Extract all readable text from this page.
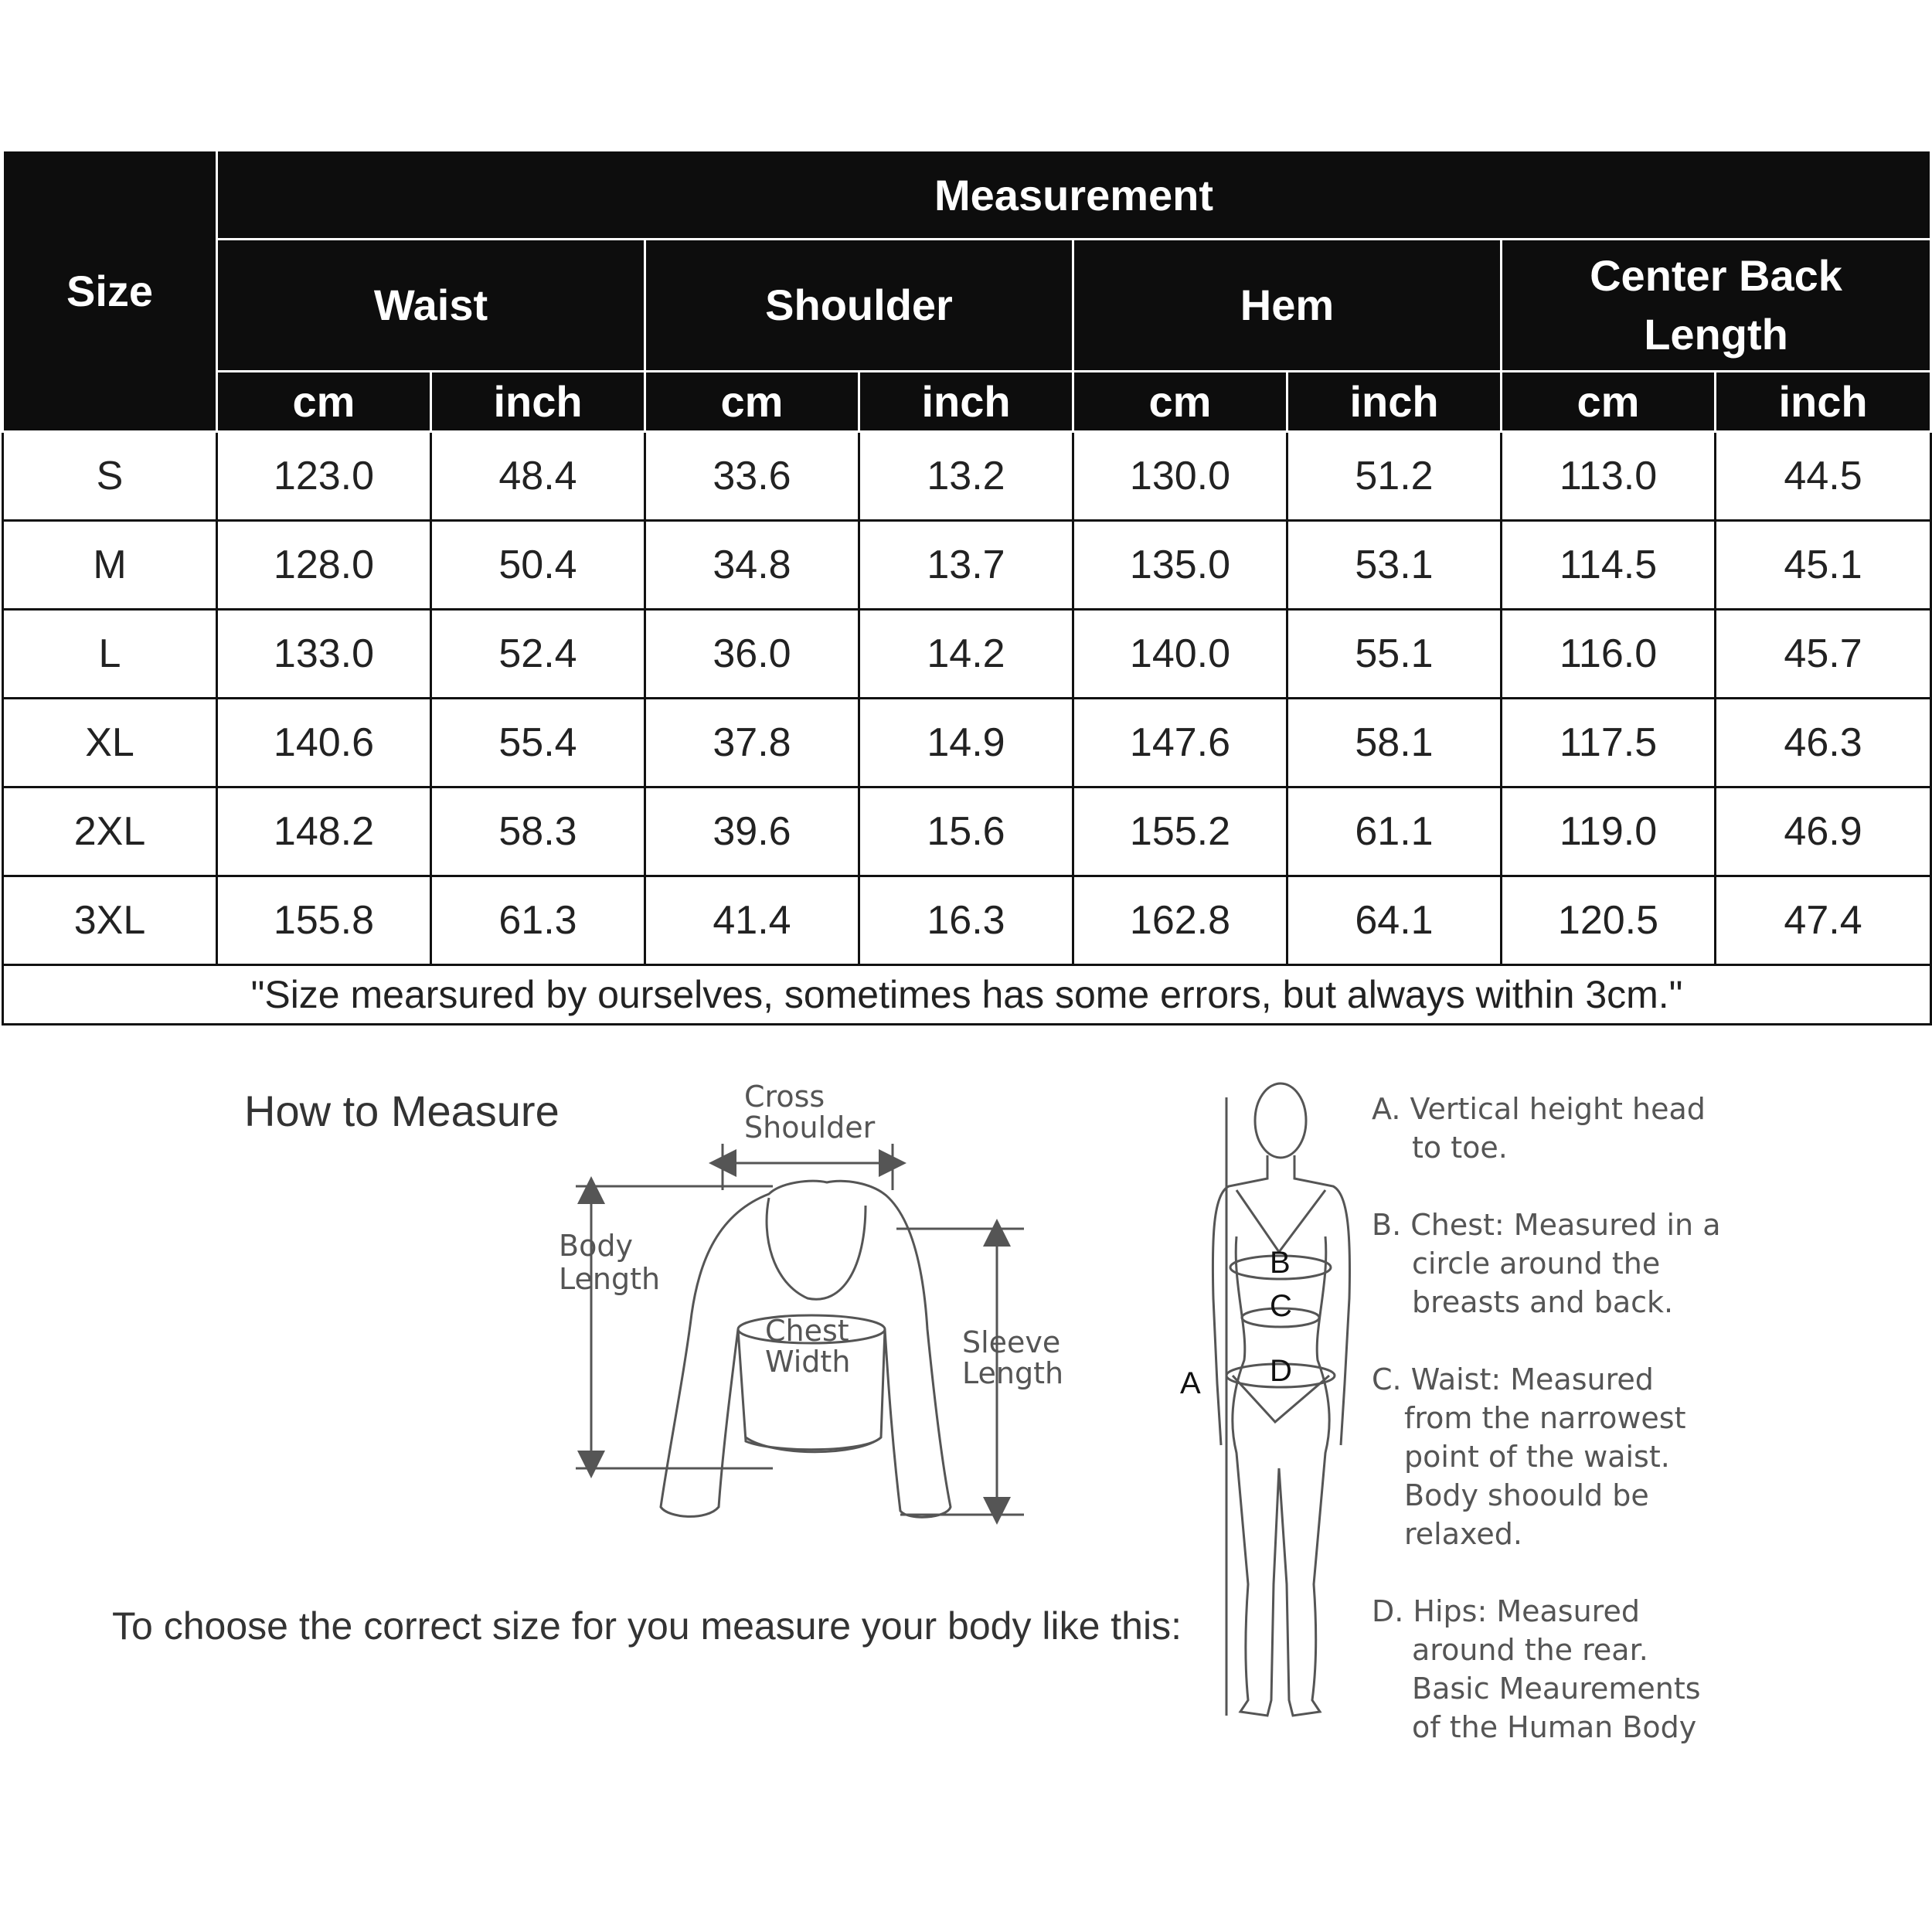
Size	Measurement							
	Waist		Shoulder		Hem		Center Back Length	
	cm	inch	cm	inch	cm	inch	cm	inch
S	123.0	48.4	33.6	13.2	130.0	51.2	113.0	44.5
M	128.0	50.4	34.8	13.7	135.0	53.1	114.5	45.1
L	133.0	52.4	36.0	14.2	140.0	55.1	116.0	45.7
XL	140.6	55.4	37.8	14.9	147.6	58.1	117.5	46.3
2XL	148.2	58.3	39.6	15.6	155.2	61.1	119.0	46.9
3XL	155.8	61.3	41.4	16.3	162.8	64.1	120.5	47.4
"Size mearsured by ourselves, sometimes has some errors, but always within 3cm."								
How to Measure
To choose the correct size for you measure your body like this:
Cross
Shoulder
Body
Length
Chest
Width
Sleeve
Length
B
C
D
A

A. Vertical height head
to toe.

B. Chest: Measured in a
circle around the
breasts and back.

C. Waist: Measured
from the narrowest
point of the waist.
Body shoould be
relaxed.

D. Hips: Measured
around the rear.
Basic Meaurements
of the Human Body
